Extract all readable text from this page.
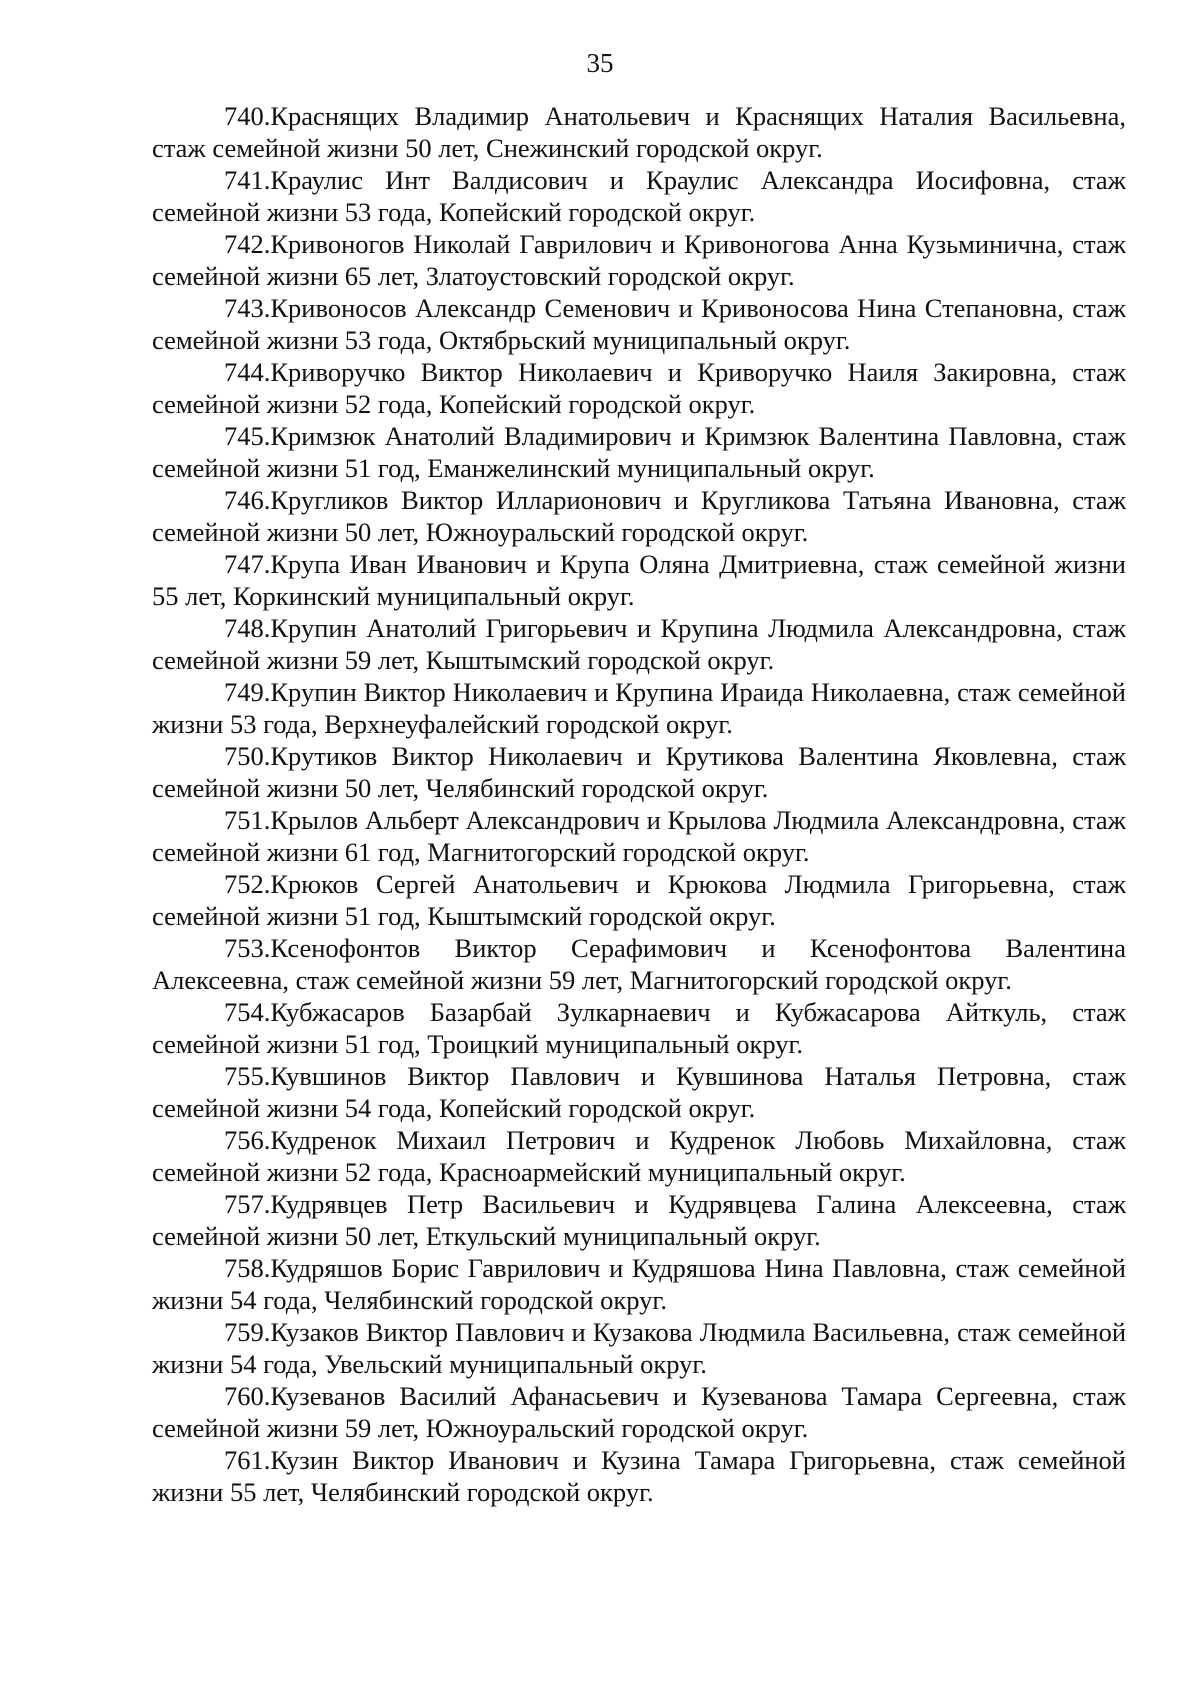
35

740.Краснящих Владимир Анатольевич и Краснящих Наталия Васильевна, стаж семейной жизни 50 лет, Снежинский городской округ.

741.Краулис Инт Валдисович и Краулис Александра Иосифовна, стаж семейной жизни 53 года, Копейский городской округ.

742.Кривоногов Николай Гаврилович и Кривоногова Анна Кузьминична, стаж семейной жизни 65 лет, Златоустовский городской округ.

743.Кривоносов Александр Семенович и Кривоносова Нина Степановна, стаж семейной жизни 53 года, Октябрьский муниципальный округ.

744.Криворучко Виктор Николаевич и Криворучко Наиля Закировна, стаж семейной жизни 52 года, Копейский городской округ.

745.Кримзюк Анатолий Владимирович и Кримзюк Валентина Павловна, стаж семейной жизни 51 год, Еманжелинский муниципальный округ.

746.Кругликов Виктор Илларионович и Кругликова Татьяна Ивановна, стаж семейной жизни 50 лет, Южноуральский городской округ.

747.Крупа Иван Иванович и Крупа Оляна Дмитриевна, стаж семейной жизни 55 лет, Коркинский муниципальный округ.

748.Крупин Анатолий Григорьевич и Крупина Людмила Александровна, стаж семейной жизни 59 лет, Кыштымский городской округ.

749.Крупин Виктор Николаевич и Крупина Ираида Николаевна, стаж семейной жизни 53 года, Верхнеуфалейский городской округ.

750.Крутиков Виктор Николаевич и Крутикова Валентина Яковлевна, стаж семейной жизни 50 лет, Челябинский городской округ.

751.Крылов Альберт Александрович и Крылова Людмила Александровна, стаж семейной жизни 61 год, Магнитогорский городской округ.

752.Крюков Сергей Анатольевич и Крюкова Людмила Григорьевна, стаж семейной жизни 51 год, Кыштымский городской округ.

753.Ксенофонтов Виктор Серафимович и Ксенофонтова Валентина Алексеевна, стаж семейной жизни 59 лет, Магнитогорский городской округ.

754.Кубжасаров Базарбай Зулкарнаевич и Кубжасарова Айткуль, стаж семейной жизни 51 год, Троицкий муниципальный округ.

755.Кувшинов Виктор Павлович и Кувшинова Наталья Петровна, стаж семейной жизни 54 года, Копейский городской округ.

756.Кудренок Михаил Петрович и Кудренок Любовь Михайловна, стаж семейной жизни 52 года, Красноармейский муниципальный округ.

757.Кудрявцев Петр Васильевич и Кудрявцева Галина Алексеевна, стаж семейной жизни 50 лет, Еткульский муниципальный округ.

758.Кудряшов Борис Гаврилович и Кудряшова Нина Павловна, стаж семейной жизни 54 года, Челябинский городской округ.

759.Кузаков Виктор Павлович и Кузакова Людмила Васильевна, стаж семейной жизни 54 года, Увельский муниципальный округ.

760.Кузеванов Василий Афанасьевич и Кузеванова Тамара Сергеевна, стаж семейной жизни 59 лет, Южноуральский городской округ.

761.Кузин Виктор Иванович и Кузина Тамара Григорьевна, стаж семейной жизни 55 лет, Челябинский городской округ.
